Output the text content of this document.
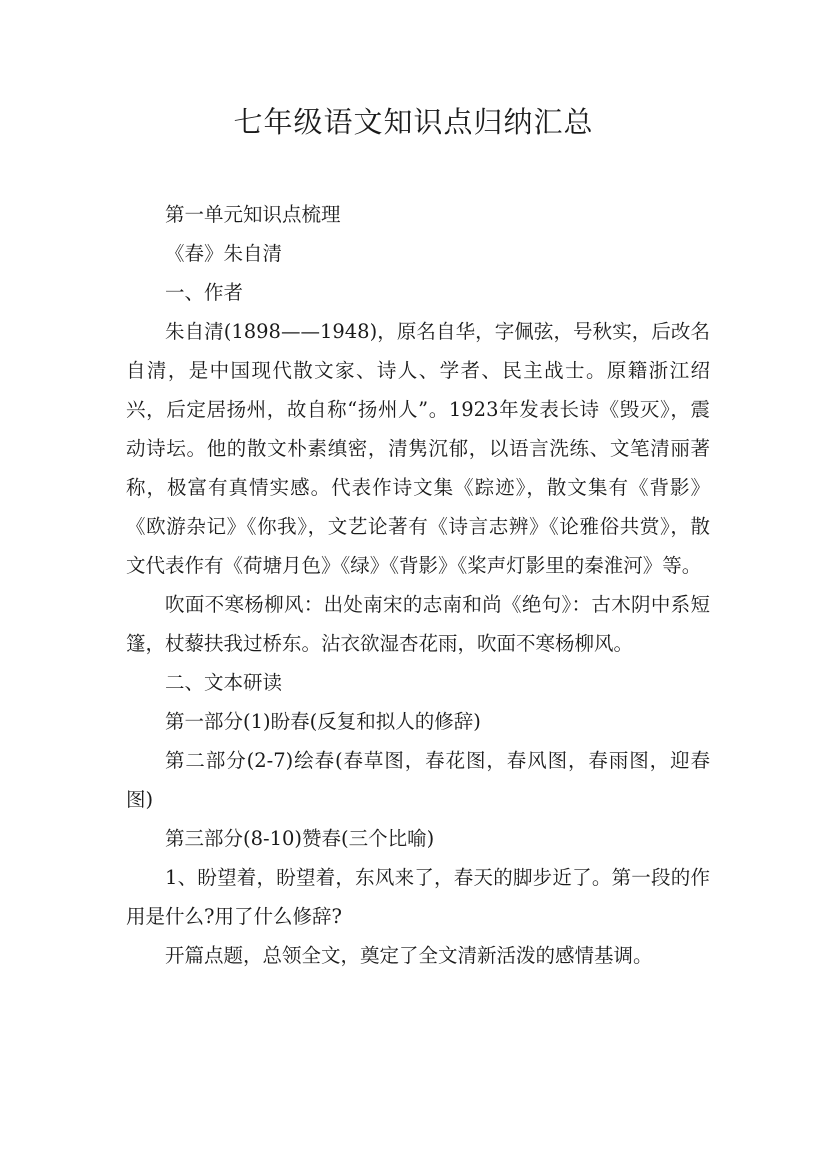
七年级语文知识点归纳汇总

第一单元知识点梳理

《春》朱自清

一、作者

朱自清(1898——1948)，原名自华，字佩弦，号秋实，后改名自清，是中国现代散文家、诗人、学者、民主战士。原籍浙江绍兴，后定居扬州，故自称“扬州人”。1923年发表长诗《毁灭》，震动诗坛。他的散文朴素缜密，清隽沉郁，以语言洗练、文笔清丽著称，极富有真情实感。代表作诗文集《踪迹》，散文集有《背影》《欧游杂记》《你我》，文艺论著有《诗言志辨》《论雅俗共赏》，散文代表作有《荷塘月色》《绿》《背影》《桨声灯影里的秦淮河》等。

吹面不寒杨柳风：出处南宋的志南和尚《绝句》：古木阴中系短篷，杖藜扶我过桥东。沾衣欲湿杏花雨，吹面不寒杨柳风。

二、文本研读

第一部分(1)盼春(反复和拟人的修辞)

第二部分(2-7)绘春(春草图，春花图，春风图，春雨图，迎春图)

第三部分(8-10)赞春(三个比喻)

1、盼望着，盼望着，东风来了，春天的脚步近了。第一段的作用是什么?用了什么修辞?

开篇点题，总领全文，奠定了全文清新活泼的感情基调。
